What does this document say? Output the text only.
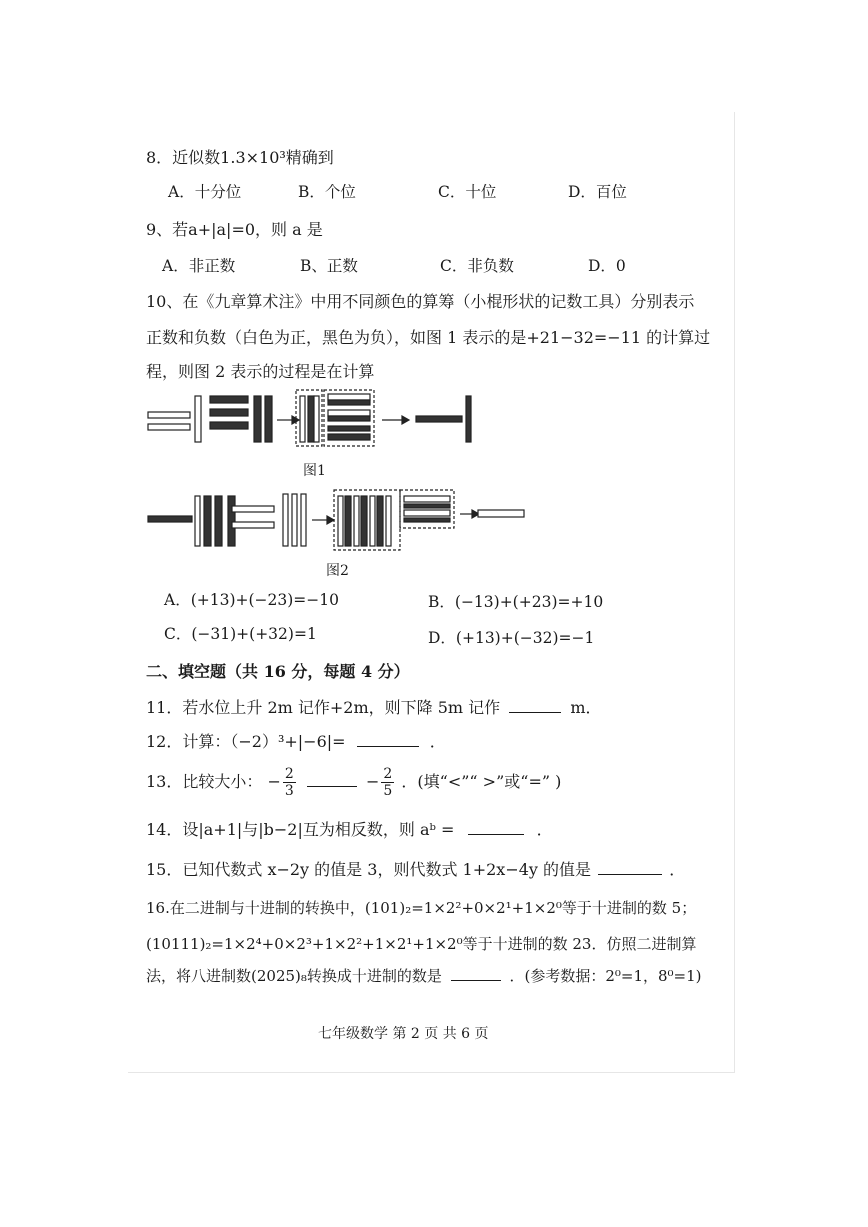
8．近似数1.3×10³精确到
A．十分位	B．个位	C．十位	D．百位
9、若a+|a|=0，则 a 是
A．非正数	B、正数	C．非负数	D．0
10、在《九章算术注》中用不同颜色的算筹（小棍形状的记数工具）分别表示
正数和负数（白色为正，黑色为负），如图 1 表示的是+21−32=−11 的计算过
程，则图 2 表示的过程是在计算
图1
图2
A．(+13)+(−23)=−10	B．(−13)+(+23)=+10
C．(−31)+(+32)=1	D．(+13)+(−32)=−1
二、填空题（共 16 分，每题 4 分）
11．若水位上升 2m 记作+2m，则下降 5m 记作	m．
12．计算：（−2）³+|−6|=	．
13．比较大小： − $\frac{2}{3}$	− $\frac{2}{5}$ ．(填“<”“ >”或“=” )
14．设|a+1|与|b−2|互为相反数，则 aᵇ =	．
15．已知代数式 x−2y 的值是 3，则代数式 1+2x−4y 的值是	．
16.在二进制与十进制的转换中，(101)₂=1×2²+0×2¹+1×2⁰等于十进制的数 5；
(10111)₂=1×2⁴+0×2³+1×2²+1×2¹+1×2⁰等于十进制的数 23．仿照二进制算
法，将八进制数(2025)₈转换成十进制的数是	．(参考数据：2⁰=1，8⁰=1)
七年级数学 第 2 页 共 6 页
